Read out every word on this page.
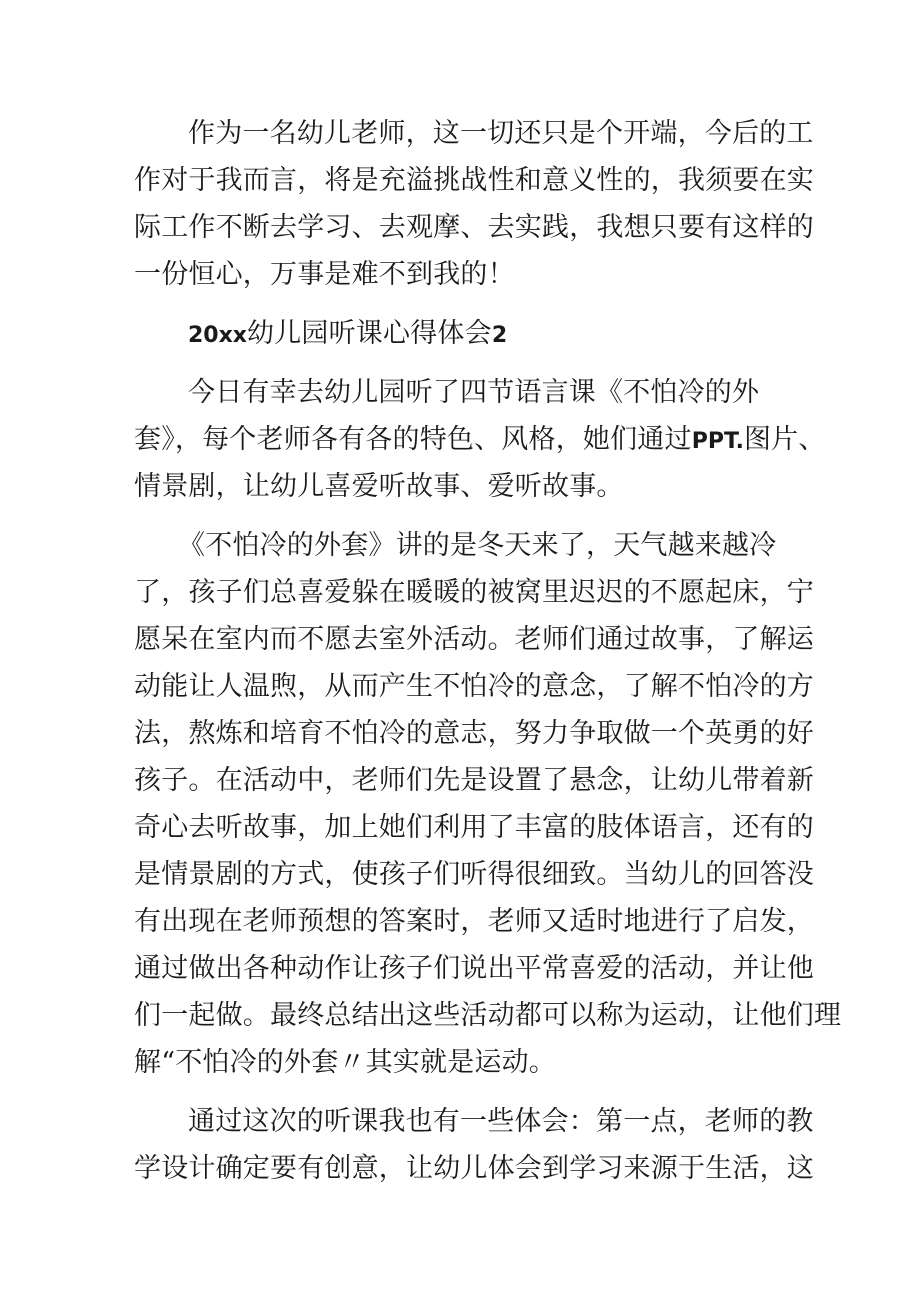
作为一名幼儿老师，这一切还只是个开端，今后的工
作对于我而言，将是充溢挑战性和意义性的，我须要在实
际工作不断去学习、去观摩、去实践，我想只要有这样的
一份恒心，万事是难不到我的！
20xx幼儿园听课心得体会2
今日有幸去幼儿园听了四节语言课《不怕冷的外
套》，每个老师各有各的特色、风格，她们通过PPT.图片、
情景剧，让幼儿喜爱听故事、爱听故事。
《不怕冷的外套》讲的是冬天来了，天气越来越冷
了，孩子们总喜爱躲在暖暖的被窝里迟迟的不愿起床，宁
愿呆在室内而不愿去室外活动。老师们通过故事，了解运
动能让人温煦，从而产生不怕冷的意念，了解不怕冷的方
法，熬炼和培育不怕冷的意志，努力争取做一个英勇的好
孩子。在活动中，老师们先是设置了悬念，让幼儿带着新
奇心去听故事，加上她们利用了丰富的肢体语言，还有的
是情景剧的方式，使孩子们听得很细致。当幼儿的回答没
有出现在老师预想的答案时，老师又适时地进行了启发，
通过做出各种动作让孩子们说出平常喜爱的活动，并让他
们一起做。最终总结出这些活动都可以称为运动，让他们理
解“不怕冷的外套〃其实就是运动。
通过这次的听课我也有一些体会：第一点，老师的教
学设计确定要有创意，让幼儿体会到学习来源于生活，这
